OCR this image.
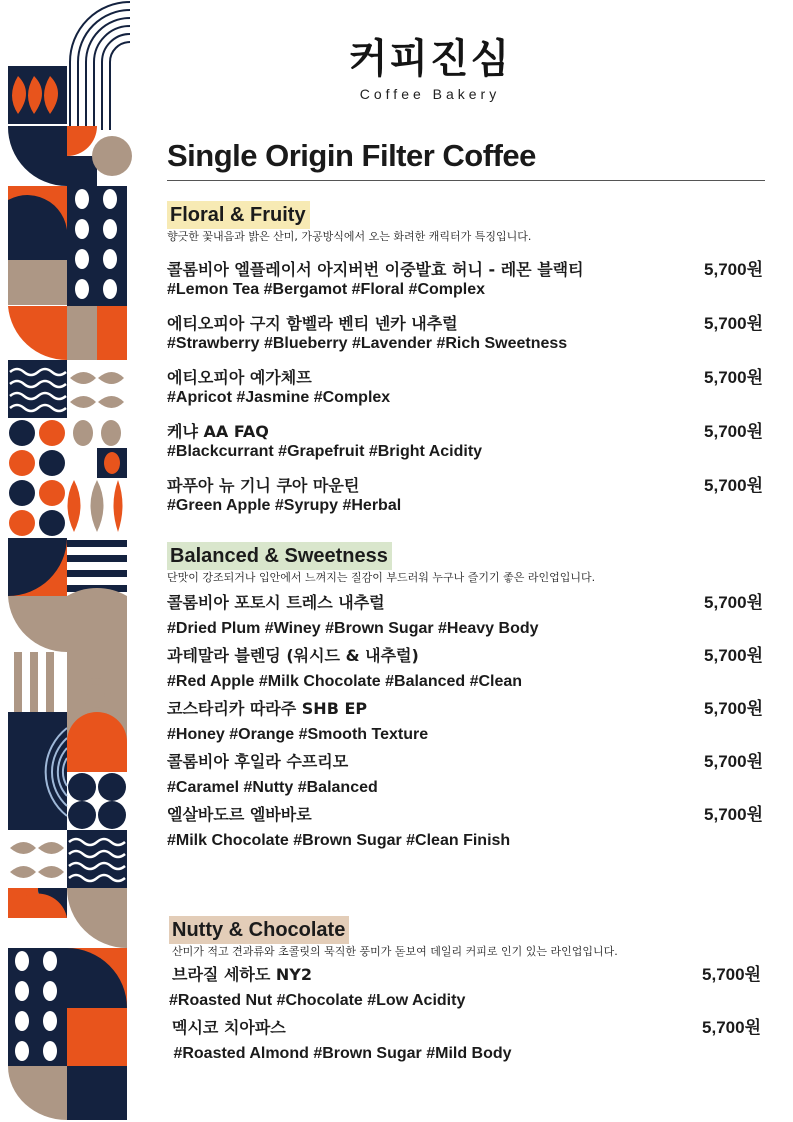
커피진심
Coffee Bakery
Single Origin Filter Coffee
Floral & Fruity
향긋한 꽃내음과 밝은 산미, 가공방식에서 오는 화려한 캐릭터가 특징입니다.
콜롬비아 엘플레이서 아지버번 이중발효 허니 - 레몬 블랙티
#Lemon Tea #Bergamot #Floral #Complex
5,700원
에티오피아 구지 함벨라 벤티 넨카 내추럴
#Strawberry #Blueberry #Lavender #Rich Sweetness
5,700원
에티오피아 예가체프
#Apricot #Jasmine #Complex
5,700원
케냐 AA FAQ
#Blackcurrant #Grapefruit #Bright Acidity
5,700원
파푸아 뉴 기니 쿠아 마운틴
#Green Apple #Syrupy #Herbal
5,700원
Balanced & Sweetness
단맛이 강조되거나 입안에서 느껴지는 질감이 부드러워 누구나 즐기기 좋은 라인업입니다.
콜롬비아 포토시 트레스 내추럴
#Dried Plum #Winey #Brown Sugar #Heavy Body
5,700원
과테말라 블렌딩 (워시드 & 내추럴)
#Red Apple #Milk Chocolate #Balanced #Clean
5,700원
코스타리카 따라주 SHB EP
#Honey #Orange #Smooth Texture
5,700원
콜롬비아 후일라 수프리모
#Caramel #Nutty #Balanced
5,700원
엘살바도르 엘바바로
#Milk Chocolate #Brown Sugar #Clean Finish
5,700원
Nutty & Chocolate
산미가 적고 견과류와 초콜릿의 묵직한 풍미가 돋보여 데일리 커피로 인기 있는 라인업입니다.
브라질 세하도 NY2
#Roasted Nut #Chocolate #Low Acidity
5,700원
멕시코 치아파스
#Roasted Almond #Brown Sugar #Mild Body
5,700원
